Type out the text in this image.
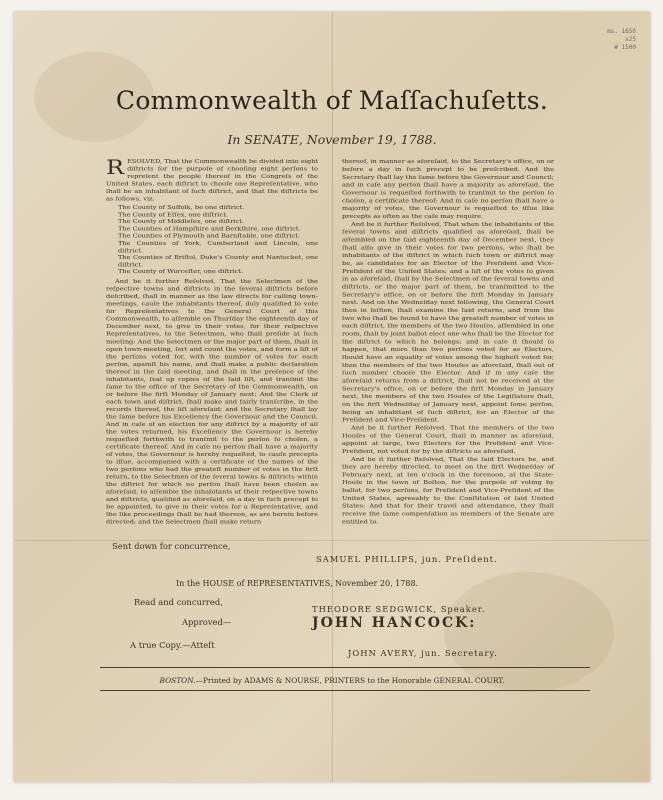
ms. 1656
x25
# 1500
Commonwealth of Maſſachuſetts.
In SENATE, November 19, 1788.

RESOLVED, That the Commonwealth be divided into eight diſtricts for the purpoſe of chooſing eight perſons to repreſent the people thereof in the Congreſs of the United States, each diſtrict to chooſe one Repreſentative, who ſhall be an inhabitant of ſuch diſtrict, and that the diſtricts be as follows, viz.

The County of Suffolk, be one diſtrict.
The County of Eſſex, one diſtrict.
The County of Middleſex, one diſtrict.
The Counties of Hampſhire and Berkſhire, one diſtrict.
The Counties of Plymouth and Barnſtable, one diſtrict.
The Counties of York, Cumberland and Lincoln, one diſtrict.
The Counties of Briſtol, Duke's County and Nantucket, one diſtrict.
The County of Worceſter, one diſtrict.

And be it further Reſolved, That the Selectmen of the reſpective towns and diſtricts in the ſeveral diſtricts before deſcribed, ſhall in manner as the law directs for calling town-meetings, cauſe the inhabitants thereof, duly qualified to vote for Repreſentatives to the General Court of this Commonwealth, to aſſemble on Thurſday the eighteenth day of December next, to give in their votes, for their reſpective Repreſentatives, to the Selectmen, who ſhall preſide at ſuch meeting: And the Selectmen or the major part of them, ſhall in open town-meeting, ſort and count the votes, and form a liſt of the perſons voted for, with the number of votes for each perſon, againſt his name, and ſhall make a public declaration thereof in the ſaid meeting, and ſhall in the preſence of the inhabitants, ſeal up copies of the ſaid liſt, and tranſmit the ſame to the office of the Secretary of the Commonwealth, on or before the firſt Monday of January next: And the Clerk of each town and diſtrict, ſhall make and fairly tranſcribe, in the records thereof, the liſt aforeſaid; and the Secretary ſhall lay the ſame before his Excellency the Governour and the Council. And in caſe of an election for any diſtrict by a majority of all the votes returned, his Excellency the Governour is hereby requeſted forthwith to tranſmit to the perſon ſo choſen, a certificate thereof. And in caſe no perſon ſhall have a majority of votes, the Governour is hereby requeſted, to cauſe precepts to iſſue, accompanied with a certificate of the names of the two perſons who had the greateſt number of votes in the firſt return, to the Selectmen of the ſeveral towns & diſtricts within the diſtrict for which no perſon ſhall have been choſen as aforeſaid, to aſſemble the inhabitants of their reſpective towns and diſtricts, qualified as aforeſaid, on a day in ſuch precept to be appointed, to give in their votes for a Repreſentative, and the like proceedings ſhall be had thereon, as are herein before directed; and the Selectmen ſhall make return

thereof, in manner as aforeſaid, to the Secretary's office, on or before a day in ſuch precept to be preſcribed. And the Secretary ſhall lay the ſame before the Governour and Council; and in caſe any perſon ſhall have a majority as aforeſaid, the Governour is requeſted forthwith to tranſmit to the perſon ſo choſen, a certificate thereof: And in caſe no perſon ſhall have a majority of votes, the Governour is requeſted to iſſue like precepts as often as the caſe may require.

And be it further Reſolved, That when the inhabitants of the ſeveral towns and diſtricts qualified as aforeſaid, ſhall be aſſembled on the ſaid eighteenth day of December next, they ſhall alſo give in their votes for two perſons, who ſhall be inhabitants of the diſtrict in which ſuch town or diſtrict may be, as candidates for an Elector of the Preſident and Vice-Preſident of the United States; and a liſt of the votes ſo given in as aforeſaid, ſhall by the Selectmen of the ſeveral towns and diſtricts, or the major part of them, be tranſmitted to the Secretary's office, on or before the firſt Monday in January next. And on the Wedneſday next following, the General Court then in ſeſſion, ſhall examine the ſaid returns, and from the two who ſhall be found to have the greateſt number of votes in each diſtrict, the members of the two Houſes, aſſembled in one room, ſhall by joint ballot elect one who ſhall be the Elector for the diſtrict to which he belongs; and in caſe it ſhould ſo happen, that more than two perſons voted for as Electors, ſhould have an equality of votes among the higheſt voted for, then the members of the two Houſes as aforeſaid, ſhall out of ſuch number chooſe the Elector. And if in any caſe the aforeſaid returns from a diſtrict, ſhall not be received at the Secretary's office, on or before the firſt Monday in January next, the members of the two Houſes of the Legiſlature ſhall, on the firſt Wedneſday of January next, appoint ſome perſon, being an inhabitant of ſuch diſtrict, for an Elector of the Preſident and Vice-Preſident.

And be it further Reſolved, That the members of the two Houſes of the General Court, ſhall in manner as aforeſaid, appoint at large, two Electors for the Preſident and Vice-Preſident, not voted for by the diſtricts as aforeſaid.

And be it further Reſolved, That the ſaid Electors be, and they are hereby directed, to meet on the firſt Wedneſday of February next, at ten o'clock in the forenoon, at the State-Houſe in the town of Boſton, for the purpoſe of voting by ballot, for two perſons, for Preſident and Vice-Preſident of the United States, agreeably to the Conſtitution of ſaid United States: And that for their travel and attendance, they ſhall receive the ſame compenſation as members of the Senate are entitled to.

Sent down for concurrence,
SAMUEL PHILLIPS, jun. Preſident.
In the HOUSE of REPRESENTATIVES, November 20, 1788.
Read and concurred,
THEODORE SEDGWICK, Speaker.
Approved—	JOHN HANCOCK:
A true Copy.—Atteſt
JOHN AVERY, jun. Secretary.
BOSTON.—Printed by ADAMS & NOURSE, PRINTERS to the Honorable GENERAL COURT.
